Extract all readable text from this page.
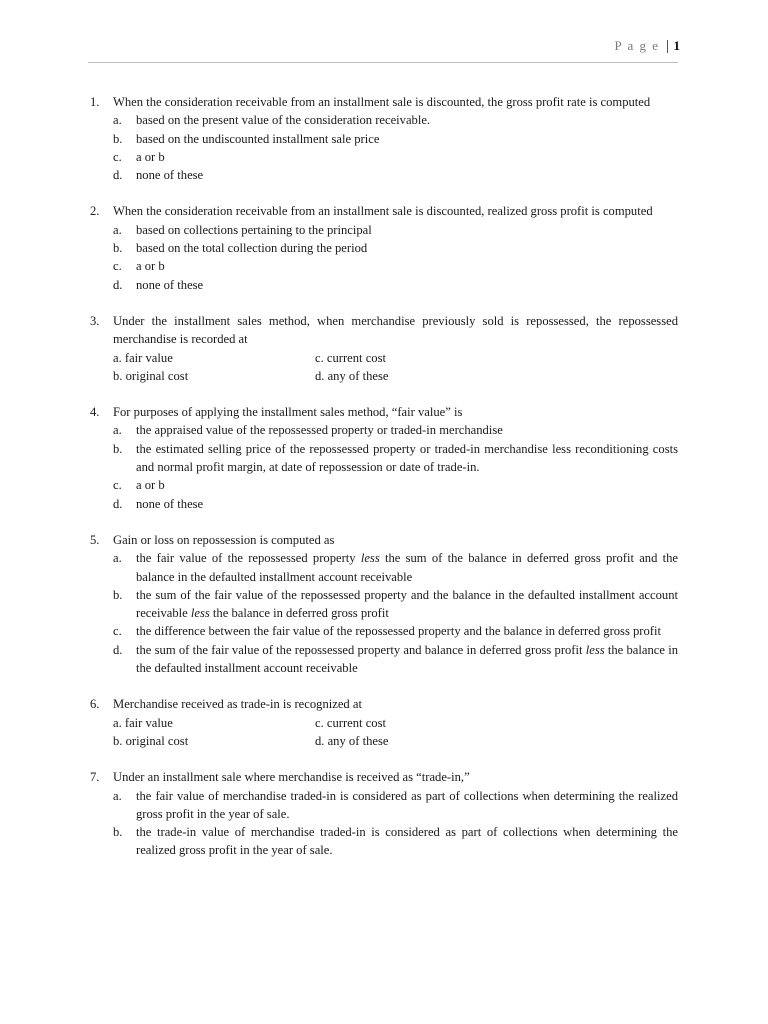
P a g e 1
1. When the consideration receivable from an installment sale is discounted, the gross profit rate is computed
a. based on the present value of the consideration receivable.
b. based on the undiscounted installment sale price
c. a or b
d. none of these
2. When the consideration receivable from an installment sale is discounted, realized gross profit is computed
a. based on collections pertaining to the principal
b. based on the total collection during the period
c. a or b
d. none of these
3. Under the installment sales method, when merchandise previously sold is repossessed, the repossessed merchandise is recorded at
a. fair value	c. current cost
b. original cost	d. any of these
4. For purposes of applying the installment sales method, “fair value” is
a. the appraised value of the repossessed property or traded-in merchandise
b. the estimated selling price of the repossessed property or traded-in merchandise less reconditioning costs and normal profit margin, at date of repossession or date of trade-in.
c. a or b
d. none of these
5. Gain or loss on repossession is computed as
a. the fair value of the repossessed property less the sum of the balance in deferred gross profit and the balance in the defaulted installment account receivable
b. the sum of the fair value of the repossessed property and the balance in the defaulted installment account receivable less the balance in deferred gross profit
c. the difference between the fair value of the repossessed property and the balance in deferred gross profit
d. the sum of the fair value of the repossessed property and balance in deferred gross profit less the balance in the defaulted installment account receivable
6. Merchandise received as trade-in is recognized at
a. fair value	c. current cost
b. original cost	d. any of these
7. Under an installment sale where merchandise is received as “trade-in,”
a. the fair value of merchandise traded-in is considered as part of collections when determining the realized gross profit in the year of sale.
b. the trade-in value of merchandise traded-in is considered as part of collections when determining the realized gross profit in the year of sale.
